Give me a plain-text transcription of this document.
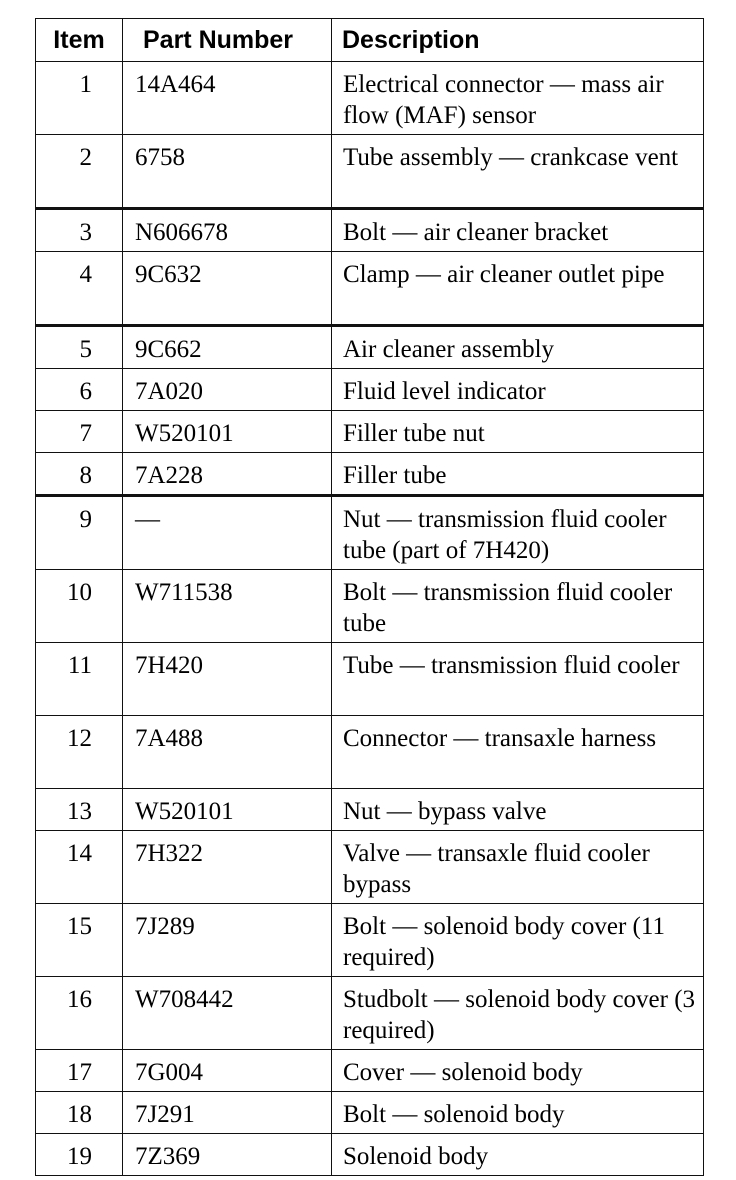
Item	Part Number	Description
1	14A464	Electrical connector — mass air flow (MAF) sensor
2	6758	Tube assembly — crankcase vent
3	N606678	Bolt — air cleaner bracket
4	9C632	Clamp — air cleaner outlet pipe
5	9C662	Air cleaner assembly
6	7A020	Fluid level indicator
7	W520101	Filler tube nut
8	7A228	Filler tube
9	—	Nut — transmission fluid cooler tube (part of 7H420)
10	W711538	Bolt — transmission fluid cooler tube
11	7H420	Tube — transmission fluid cooler
12	7A488	Connector — transaxle harness
13	W520101	Nut — bypass valve
14	7H322	Valve — transaxle fluid cooler bypass
15	7J289	Bolt — solenoid body cover (11 required)
16	W708442	Studbolt — solenoid body cover (3 required)
17	7G004	Cover — solenoid body
18	7J291	Bolt — solenoid body
19	7Z369	Solenoid body
